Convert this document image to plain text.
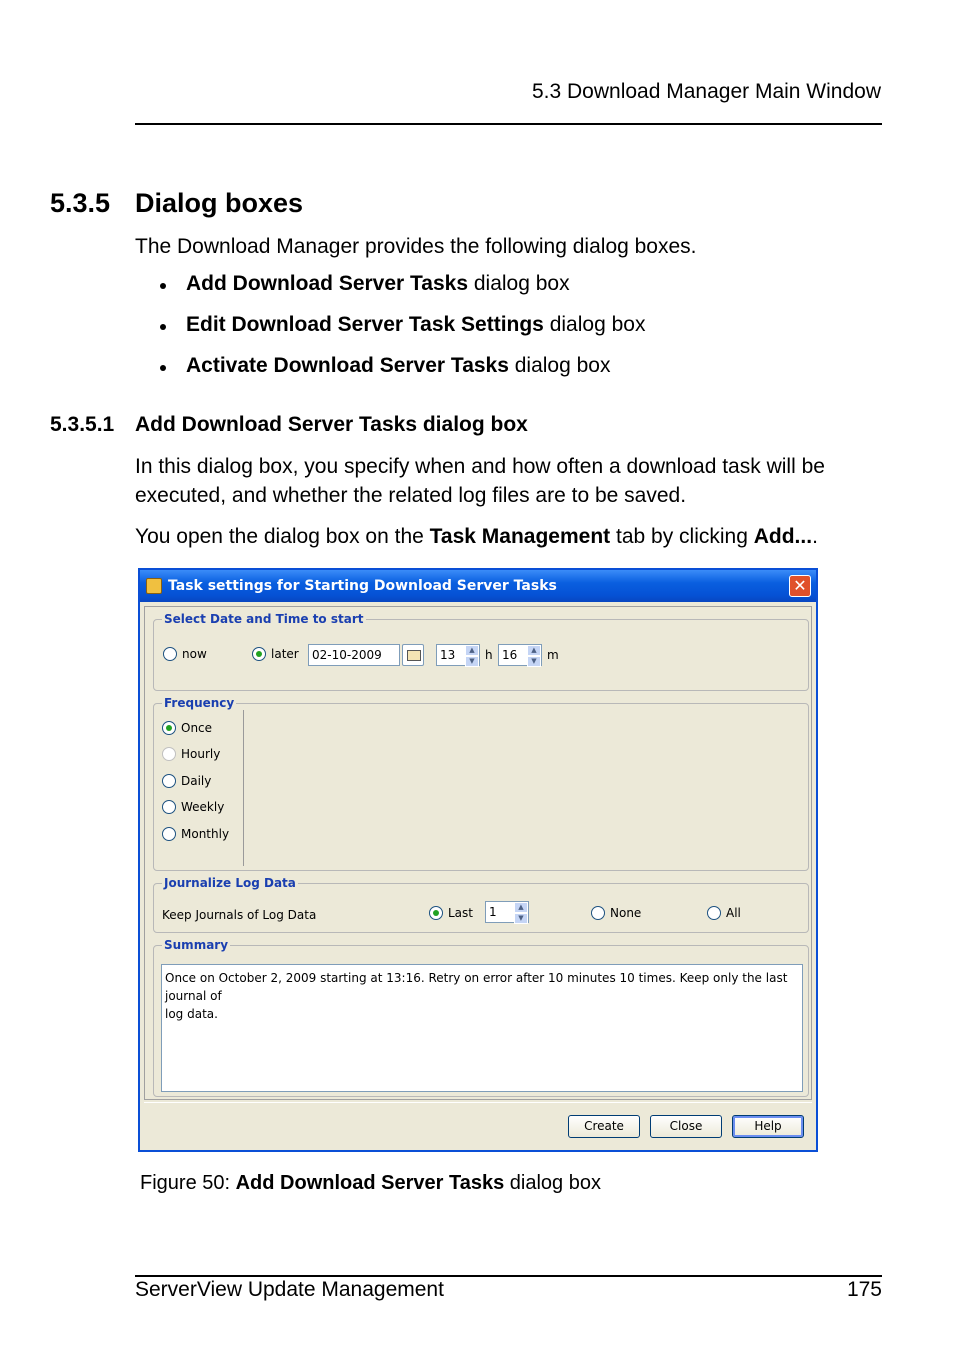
5.3 Download Manager Main Window
5.3.5 Dialog boxes
The Download Manager provides the following dialog boxes.
Add Download Server Tasks dialog box
Edit Download Server Task Settings dialog box
Activate Download Server Tasks dialog box
5.3.5.1 Add Download Server Tasks dialog box
In this dialog box, you specify when and how often a download task will be
executed, and whether the related log files are to be saved.
You open the dialog box on the Task Management tab by clicking Add....
Task settings for Starting Download Server Tasks	✕
Select Date and Time to start
now	later	02-10-2009	13	▲
▼ h 16	▲
▼ m
Frequency
Once
Hourly
Daily
Weekly
Monthly
Journalize Log Data
Keep Journals of Log Data	Last	1	▲
▼	None	All
Summary
Once on October 2, 2009 starting at 13:16. Retry on error after 10 minutes 10 times. Keep only the last journal of
log data.
Create	Close	Help
Figure 50: Add Download Server Tasks dialog box
ServerView Update Management	175
